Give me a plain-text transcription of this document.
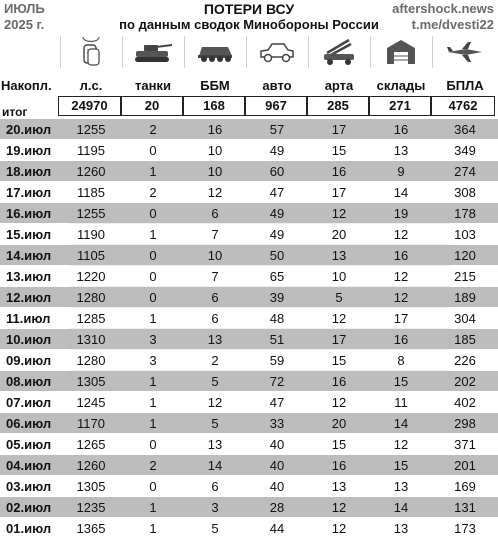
ИЮЛЬ
2025 г.
ПОТЕРИ ВСУ
по данным сводок Минобороны России
aftershock.news
t.me/dvesti22
Накопл.	л.с.	танки	ББМ	авто	арта	склады	БПЛА
итог	24970	20	168	967	285	271	4762
20.июл	1255	2	16	57	17	16	364
19.июл	1195	0	10	49	15	13	349
18.июл	1260	1	10	60	16	9	274
17.июл	1185	2	12	47	17	14	308
16.июл	1255	0	6	49	12	19	178
15.июл	1190	1	7	49	20	12	103
14.июл	1105	0	10	50	13	16	120
13.июл	1220	0	7	65	10	12	215
12.июл	1280	0	6	39	5	12	189
11.июл	1285	1	6	48	12	17	304
10.июл	1310	3	13	51	17	16	185
09.июл	1280	3	2	59	15	8	226
08.июл	1305	1	5	72	16	15	202
07.июл	1245	1	12	47	12	11	402
06.июл	1170	1	5	33	20	14	298
05.июл	1265	0	13	40	15	12	371
04.июл	1260	2	14	40	16	15	201
03.июл	1305	0	6	40	13	13	169
02.июл	1235	1	3	28	12	14	131
01.июл	1365	1	5	44	12	13	173
